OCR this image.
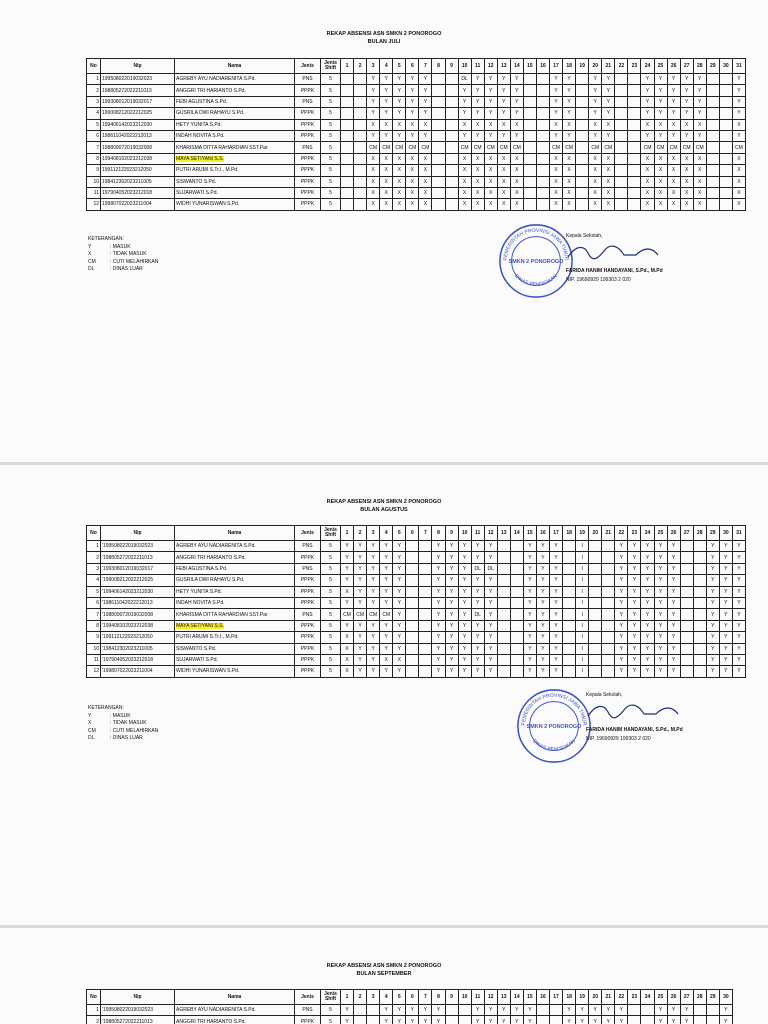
REKAP ABSENSI ASN SMKN 2 PONOROGO
BULAN JULI
No	Nip	Nama	Jenis	Jenis Shift	1	2	3	4	5	6	7	8	9	10	11	12	13	14	15	16	17	18	19	20	21	22	23	24	25	26	27	28	29	30	31
1	199508022019032023	AGREBY AYU NADIARENITA S.Pd.	PNS	5			Y	Y	Y	Y	Y			DL	Y	Y	Y	Y			Y	Y		Y	Y			Y	Y	Y	Y	Y			Y
2	198805272022211013	ANGGRI TRI HARIANTO S.Pd.	PPPK	5			Y	Y	Y	Y	Y			Y	Y	Y	Y	Y			Y	Y		Y	Y			Y	Y	Y	Y	Y			Y
3	199308012019032017	FEBI AGUSTINA S.Pd.	PNS	5			Y	Y	Y	Y	Y			Y	Y	Y	Y	Y			Y	Y		Y	Y			Y	Y	Y	Y	Y			Y
4	199008212022212025	GUSRILA DWI RAHAYU S.Pd.	PPPK	5			Y	Y	Y	Y	Y			Y	Y	Y	Y	Y			Y	Y		Y	Y			Y	Y	Y	Y	Y			Y
5	199406142023212030	HETY YUNITA S.Pd.	PPPK	5			X	X	X	X	X			X	X	X	X	X			X	X		X	X			X	X	X	X	X			X
6	198611042022212013	INDAH NOVITA S.Pd.	PPPK	5			Y	Y	Y	Y	Y			Y	Y	Y	Y	Y			Y	Y		Y	Y			Y	Y	Y	Y	Y			Y
7	198809072019032008	KHARISMA DITTA RAHARDIAN SST.Par	PNS	5			CM	CM	CM	CM	CM			CM	CM	CM	CM	CM			CM	CM		CM	CM			CM	CM	CM	CM	CM			CM
8	199408102023212038	MAYA SETIYANI S.S.	PPPK	5			X	X	X	X	X			X	X	X	X	X			X	X		X	X			X	X	X	X	X			X
9	199112122023212050	PUTRI ARUMI S.Tr.I., M.Pd.	PPPK	5			X	X	X	X	X			X	X	X	X	X			X	X		X	X			X	X	X	X	X			X
10	198412302023211005	SISWANTO S.Pd.	PPPK	5			X	X	X	X	X			X	X	X	X	X			X	X		X	X			X	X	X	X	X			X
11	197904052023212018	SUJARWATI S.Pd.	PPPK	5			X	X	X	X	X			X	X	X	X	X			X	X		X	X			X	X	X	X	X			X
12	199807022023211004	WIDHI YUNARISWAN S.Pd.	PPPK	5			X	X	X	X	X			X	X	X	X	X			X	X		X	X			X	X	X	X	X			X
KETERANGAN:
Y	: MASUK
X	: TIDAK MASUK
CM	: CUTI MELAHIRKAN
DL	: DINAS LUAR
PEMERINTAH PROVINSI JAWA TIMUR
DINAS PENDIDIKAN
SMKN 2 PONOROGO
Kepala Sekolah,
FARIDA HANIM HANDAYANI, S.Pd., M.Pd
NIP. 19690929 199303 2 020
REKAP ABSENSI ASN SMKN 2 PONOROGO
BULAN AGUSTUS
No	Nip	Nama	Jenis	Jenis Shift	1	2	3	4	5	6	7	8	9	10	11	12	13	14	15	16	17	18	19	20	21	22	23	24	25	26	27	28	29	30	31
1	'199508022019032023	AGREBY AYU NADIARENITA S.Pd.	PNS	5	Y	Y	Y	Y	Y			Y	Y	Y	Y	Y			Y	Y	Y		I			Y	Y	Y	Y	Y			Y	Y	Y
2	'198805272022211013	ANGGRI TRI HARIANTO S.Pd.	PPPK	5	Y	Y	Y	Y	Y			Y	Y	Y	Y	Y			Y	Y	Y		I			Y	Y	Y	Y	Y			Y	Y	Y
3	'199308012019032017	FEBI AGUSTINA S.Pd.	PNS	5	Y	Y	Y	Y	Y			Y	Y	Y	DL	DL			Y	Y	Y		I			Y	Y	Y	Y	Y			Y	Y	Y
4	'199008212022212025	GUSRILA DWI RAHAYU S.Pd.	PPPK	5	Y	Y	Y	Y	Y			Y	Y	Y	Y	Y			Y	Y	Y		I			Y	Y	Y	Y	Y			Y	Y	Y
5	'199406142023212030	HETY YUNITA S.Pd.	PPPK	5	X	Y	Y	Y	Y			Y	Y	Y	Y	Y			Y	Y	Y		I			Y	Y	Y	Y	Y			Y	Y	Y
6	'198611042022212013	INDAH NOVITA S.Pd.	PPPK	5	Y	Y	Y	Y	Y			Y	Y	Y	Y	Y			Y	Y	Y		I			Y	Y	Y	Y	Y			Y	Y	Y
7	'198809072019032008	KHARISMA DITTA RAHARDIAN SST.Par	PNS	5	CM	CM	CM	CM	Y			Y	Y	Y	DL	Y			Y	Y	Y		I			Y	Y	Y	Y	Y			Y	Y	Y
8	'199408102023212038	MAYA SETIYANI S.S.	PPPK	5	Y	Y	Y	Y	Y			Y	Y	Y	Y	Y			Y	Y	Y		I			Y	Y	Y	Y	Y			Y	Y	Y
9	'199112122023212050	PUTRI ARUMI S.Tr.I., M.Pd.	PPPK	5	X	Y	Y	Y	Y			Y	Y	Y	Y	Y			Y	Y	Y		I			Y	Y	Y	Y	Y			Y	Y	Y
10	'198412302023211005	SISWANTO S.Pd.	PPPK	5	X	Y	Y	Y	Y			Y	Y	Y	Y	Y			Y	Y	Y		I			Y	Y	Y	Y	Y			Y	Y	Y
11	'197904052023212018	SUJARWATI S.Pd.	PPPK	5	X	Y	Y	X	X			Y	Y	Y	Y	Y			Y	Y	Y		I			Y	Y	Y	Y	Y			Y	Y	Y
12	'199807022023211004	WIDHI YUNARISWAN S.Pd.	PPPK	5	X	Y	Y	Y	Y			Y	Y	Y	Y	Y			Y	Y	Y		I			Y	Y	Y	Y	Y			Y	Y	Y
KETERANGAN:
Y	: MASUK
X	: TIDAK MASUK
CM	: CUTI MELAHIRKAN
DL	: DINAS LUAR
PEMERINTAH PROVINSI JAWA TIMUR
DINAS PENDIDIKAN
SMKN 2 PONOROGO
Kepala Sekolah,
FARIDA HANIM HANDAYANI, S.Pd., M.Pd
NIP. 19690929 199303 2 020
REKAP ABSENSI ASN SMKN 2 PONOROGO
BULAN SEPTEMBER
No	Nip	Nama	Jenis	Jenis Shift	1	2	3	4	5	6	7	8	9	10	11	12	13	14	15	16	17	18	19	20	21	22	23	24	25	26	27	28	29	30
1	'199508022019032023	AGREBY AYU NADIARENITA S.Pd.	PNS	5	Y			Y	Y	Y	Y	Y			Y	Y	Y	Y	Y			Y	Y	Y	Y	Y			Y	Y	Y			Y
2	'198805272022211013	ANGGRI TRI HARIANTO S.Pd.	PPPK	5	Y			Y	Y	Y	Y	Y			Y	Y	Y	Y	Y			Y	Y	Y	Y	Y			Y	Y	Y			Y
